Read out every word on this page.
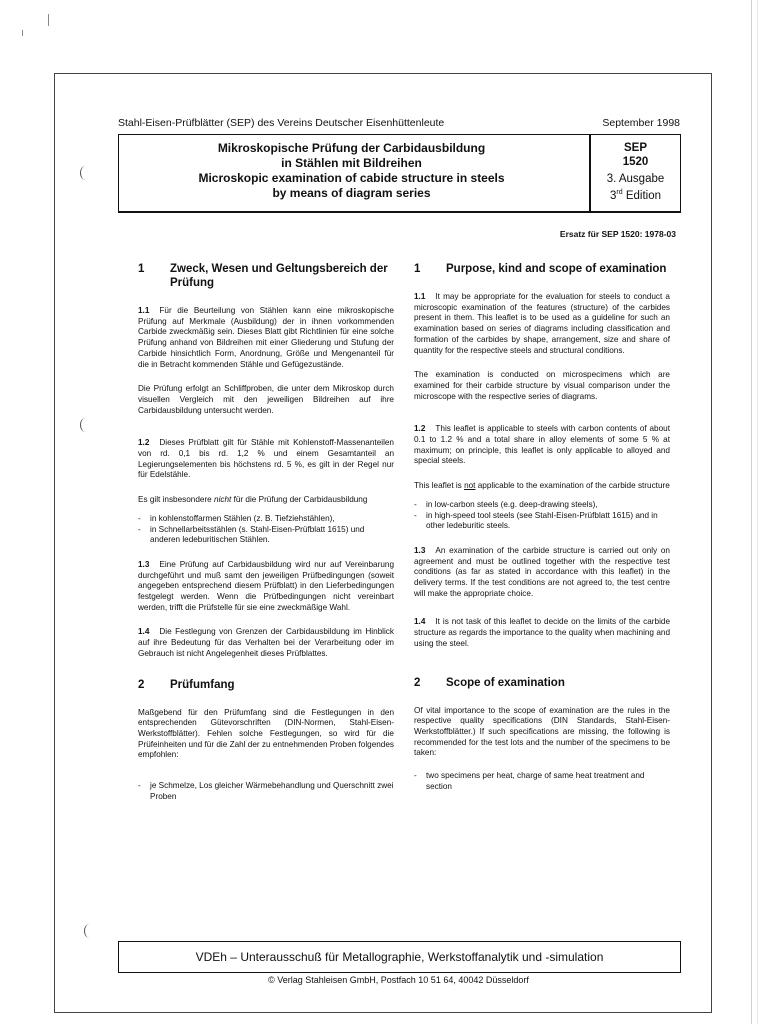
Stahl-Eisen-Prüfblätter (SEP) des Vereins Deutscher Eisenhüttenleute	September 1998
Mikroskopische Prüfung der Carbidausbildung
in Stählen mit Bildreihen
Microskopic examination of cabide structure in steels
by means of diagram series
SEP
1520
3. Ausgabe
3rd Edition
Ersatz für SEP 1520: 1978-03
1 Zweck, Wesen und Geltungsbereich der Prüfung

1.1 Für die Beurteilung von Stählen kann eine mikroskopische Prüfung auf Merkmale (Ausbildung) der in ihnen vorkommenden Carbide zweckmäßig sein. Dieses Blatt gibt Richtlinien für eine solche Prüfung anhand von Bildreihen mit einer Gliederung und Stufung der Carbide hinsichtlich Form, Anordnung, Größe und Mengenanteil für die in Betracht kommenden Stähle und Gefügezustände.

Die Prüfung erfolgt an Schliffproben, die unter dem Mikroskop durch visuellen Vergleich mit den jeweiligen Bildreihen auf ihre Carbidausbildung untersucht werden.

1.2 Dieses Prüfblatt gilt für Stähle mit Kohlenstoff-Massenanteilen von rd. 0,1 bis rd. 1,2 % und einem Gesamtanteil an Legierungselementen bis höchstens rd. 5 %, es gilt in der Regel nur für Edelstähle.

Es gilt insbesondere nicht für die Prüfung der Carbidausbildung

- in kohlenstoffarmen Stählen (z. B. Tiefziehstählen),

- in Schnellarbeitsstählen (s. Stahl-Eisen-Prüfblatt 1615) und anderen ledeburitischen Stählen.

1.3 Eine Prüfung auf Carbidausbildung wird nur auf Vereinbarung durchgeführt und muß samt den jeweiligen Prüfbedingungen (soweit angegeben entsprechend diesem Prüfblatt) in den Lieferbedingungen festgelegt werden. Wenn die Prüfbedingungen nicht vereinbart werden, trifft die Prüfstelle für sie eine zweckmäßige Wahl.

1.4 Die Festlegung von Grenzen der Carbidausbildung im Hinblick auf ihre Bedeutung für das Verhalten bei der Verarbeitung oder im Gebrauch ist nicht Angelegenheit dieses Prüfblattes.

2 Prüfumfang

Maßgebend für den Prüfumfang sind die Festlegungen in den entsprechenden Gütevorschriften (DIN-Normen, Stahl-Eisen-Werkstoffblätter). Fehlen solche Festlegungen, so wird für die Prüfeinheiten und für die Zahl der zu entnehmenden Proben folgendes empfohlen:

- je Schmelze, Los gleicher Wärmebehandlung und Querschnitt zwei Proben

1 Purpose, kind and scope of examination

1.1 It may be appropriate for the evaluation for steels to conduct a microscopic examination of the features (structure) of the carbides present in them. This leaflet is to be used as a guideline for such an examination based on series of diagrams including classification and formation of the carbides by shape, arrangement, size and share of quantity for the respective steels and structural conditions.

The examination is conducted on microspecimens which are examined for their carbide structure by visual comparison under the microscope with the respective series of diagrams.

1.2 This leaflet is applicable to steels with carbon contents of about 0.1 to 1.2 % and a total share in alloy elements of some 5 % at maximum; on principle, this leaflet is only applicable to alloyed and special steels.

This leaflet is not applicable to the examination of the carbide structure

- in low-carbon steels (e.g. deep-drawing steels),

- in high-speed tool steels (see Stahl-Eisen-Prüfblatt 1615) and in other ledeburitic steels.

1.3 An examination of the carbide structure is carried out only on agreement and must be outlined together with the respective test conditions (as far as stated in accordance with this leaflet) in the delivery terms. If the test conditions are not agreed to, the test centre will make the appropriate choice.

1.4 It is not task of this leaflet to decide on the limits of the carbide structure as regards the importance to the quality when machining and using the steel.

2 Scope of examination

Of vital importance to the scope of examination are the rules in the respective quality specifications (DIN Standards, Stahl-Eisen-Werkstoffblätter.) If such specifications are missing, the following is recommended for the test lots and the number of the specimens to be taken:

- two specimens per heat, charge of same heat treatment and section

VDEh – Unterausschuß für Metallographie, Werkstoffanalytik und -simulation
© Verlag Stahleisen GmbH, Postfach 10 51 64, 40042 Düsseldorf
